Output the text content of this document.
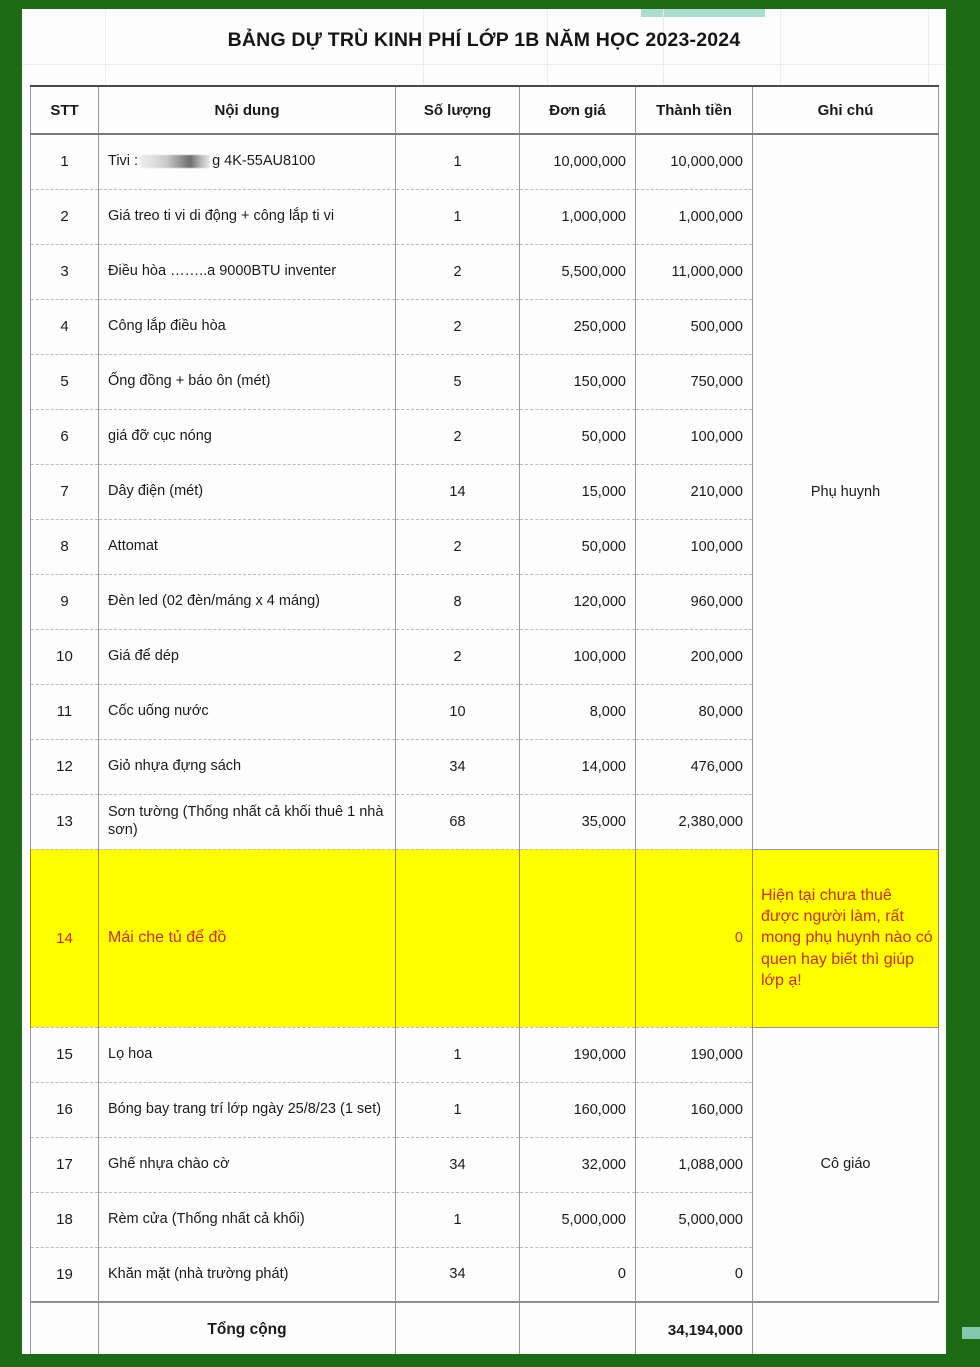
BẢNG DỰ TRÙ KINH PHÍ LỚP 1B NĂM HỌC 2023-2024
STT	Nội dung	Số lượng	Đơn giá	Thành tiền	Ghi chú
1	Tivi : g 4K-55AU8100	1	10,000,000	10,000,000	Phụ huynh
2	Giá treo ti vi di động + công lắp ti vi	1	1,000,000	1,000,000	
3	Điều hòa ……..a 9000BTU inventer	2	5,500,000	11,000,000	
4	Công lắp điều hòa	2	250,000	500,000	
5	Ống đồng + báo ôn (mét)	5	150,000	750,000	
6	giá đỡ cục nóng	2	50,000	100,000	
7	Dây điện (mét)	14	15,000	210,000	
8	Attomat	2	50,000	100,000	
9	Đèn led (02 đèn/máng x 4 máng)	8	120,000	960,000	
10	Giá để dép	2	100,000	200,000	
11	Cốc uống nước	10	8,000	80,000	
12	Giỏ nhựa đựng sách	34	14,000	476,000	
13	Sơn tường (Thống nhất cả khối thuê 1 nhà sơn)	68	35,000	2,380,000	
14	Mái che tủ để đồ			0	Hiện tại chưa thuê được người làm, rất mong phụ huynh nào có quen hay biết thì giúp lớp ạ!
15	Lọ hoa	1	190,000	190,000	Cô giáo
16	Bóng bay trang trí lớp ngày 25/8/23 (1 set)	1	160,000	160,000	
17	Ghế nhựa chào cờ	34	32,000	1,088,000	
18	Rèm cửa (Thống nhất cả khối)	1	5,000,000	5,000,000	
19	Khăn mặt (nhà trường phát)	34	0	0	
	Tổng cộng			34,194,000	
